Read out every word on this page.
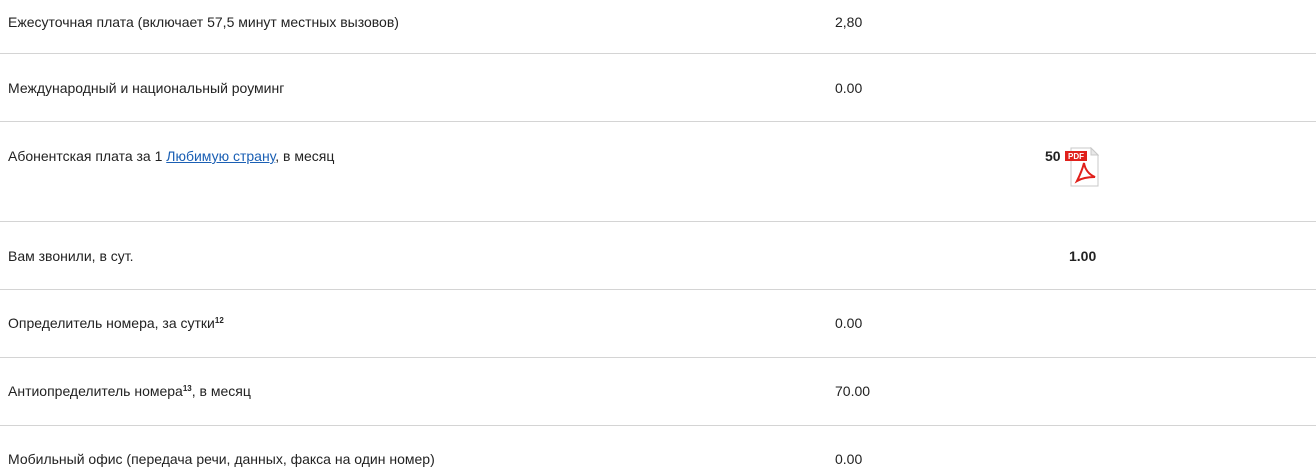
Ежесуточная плата (включает 57,5 минут местных вызовов)	2,80
Международный и национальный роуминг	0.00
Абонентская плата за 1 Любимую страну, в месяц	50 PDF
Вам звонили, в сут.	1.00
Определитель номера, за сутки$^{12}$	0.00
Антиопределитель номера$^{13}$, в месяц	70.00
Мобильный офис (передача речи, данных, факса на один номер)	0.00
